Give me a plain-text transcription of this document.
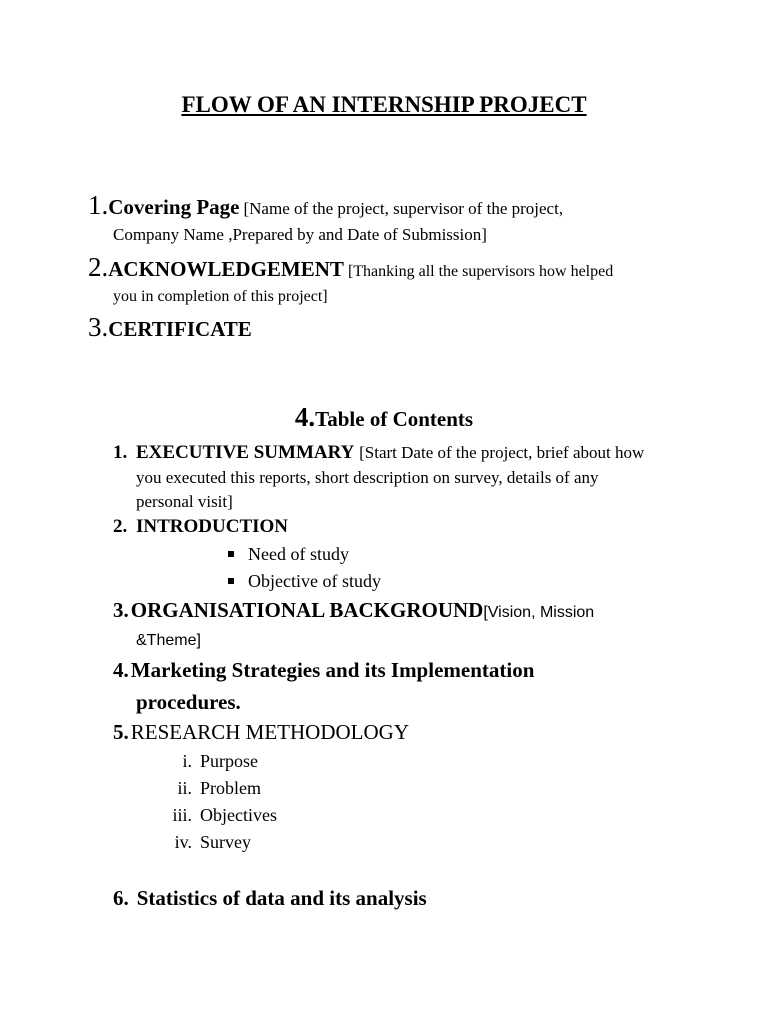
FLOW OF AN INTERNSHIP PROJECT
1.Covering Page [Name of the project, supervisor of the project,
Company Name ,Prepared by and Date of Submission]
2.ACKNOWLEDGEMENT [Thanking all the supervisors how helped
you in completion of this project]
3.CERTIFICATE
4.Table of Contents
1. EXECUTIVE SUMMARY [Start Date of the project, brief about how
you executed this reports, short description on survey, details of any
personal visit]
2. INTRODUCTION
Need of study
Objective of study
3. ORGANISATIONAL BACKGROUND[Vision, Mission
&Theme]
4. Marketing Strategies and its Implementation
procedures.
5. RESEARCH METHODOLOGY
i. Purpose
ii. Problem
iii. Objectives
iv. Survey
6. Statistics of data and its analysis
